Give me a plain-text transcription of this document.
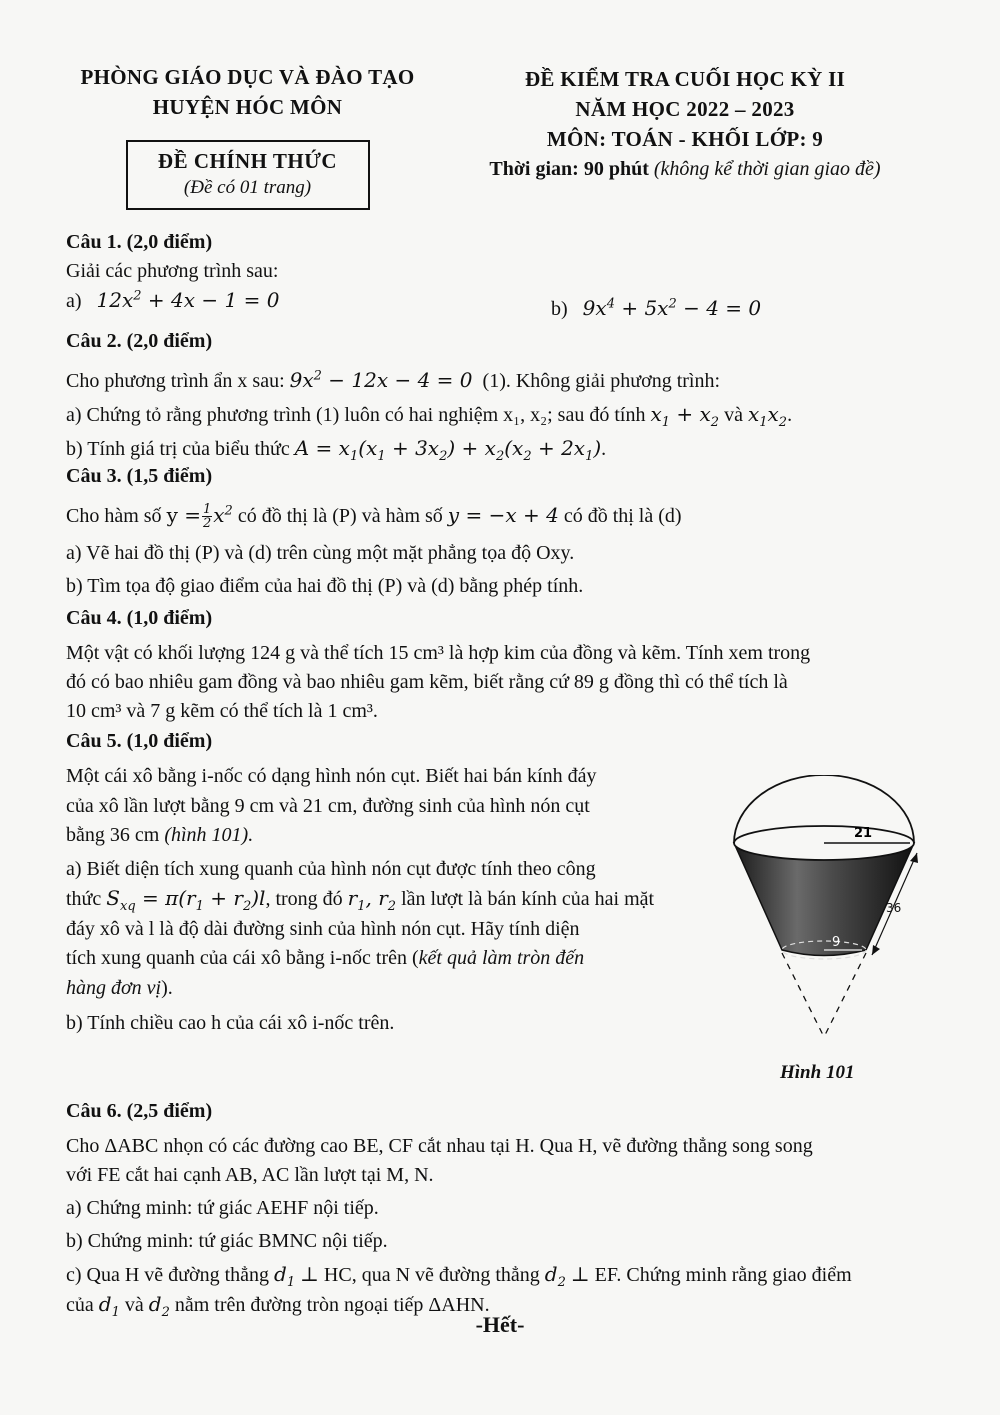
PHÒNG GIÁO DỤC VÀ ĐÀO TẠO
HUYỆN HÓC MÔN
ĐỀ CHÍNH THỨC
(Đề có 01 trang)
ĐỀ KIỂM TRA CUỐI HỌC KỲ II
NĂM HỌC 2022 – 2023
MÔN: TOÁN - KHỐI LỚP: 9
Thời gian: 90 phút (không kể thời gian giao đề)
Câu 1. (2,0 điểm)
Giải các phương trình sau:
a) $12x^2 + 4x - 1 = 0$	b) $9x^4 + 5x^2 - 4 = 0$
Câu 2. (2,0 điểm)
Cho phương trình ẩn x sau: $9x^2 - 12x - 4 = 0$ (1). Không giải phương trình:
a) Chứng tỏ rằng phương trình (1) luôn có hai nghiệm x₁, x₂; sau đó tính $x_1 + x_2$ và $x_1x_2$.
b) Tính giá trị của biểu thức $A = x_1(x_1 + 3x_2) + x_2(x_2 + 2x_1)$.
Câu 3. (1,5 điểm)
Cho hàm số $y = \frac{1}{2} x^2$ có đồ thị là (P) và hàm số y = −x + 4 có đồ thị là (d)
a) Vẽ hai đồ thị (P) và (d) trên cùng một mặt phẳng tọa độ Oxy.
b) Tìm tọa độ giao điểm của hai đồ thị (P) và (d) bằng phép tính.
Câu 4. (1,0 điểm)
Một vật có khối lượng 124 g và thể tích 15 cm³ là hợp kim của đồng và kẽm. Tính xem trong
đó có bao nhiêu gam đồng và bao nhiêu gam kẽm, biết rằng cứ 89 g đồng thì có thể tích là
10 cm³ và 7 g kẽm có thể tích là 1 cm³.
Câu 5. (1,0 điểm)
Một cái xô bằng i-nốc có dạng hình nón cụt. Biết hai bán kính đáy
của xô lần lượt bằng 9 cm và 21 cm, đường sinh của hình nón cụt
bằng 36 cm (hình 101).
a) Biết diện tích xung quanh của hình nón cụt được tính theo công
thức $S_{xq} = \pi(r_1 + r_2)l$, trong đó $r_1$, $r_2$ lần lượt là bán kính của hai mặt
đáy xô và l là độ dài đường sinh của hình nón cụt. Hãy tính diện
tích xung quanh của cái xô bằng i-nốc trên (kết quả làm tròn đến
hàng đơn vị).
b) Tính chiều cao h của cái xô i-nốc trên.
21
9
36
Hình 101
Câu 6. (2,5 điểm)
Cho ΔABC nhọn có các đường cao BE, CF cắt nhau tại H. Qua H, vẽ đường thẳng song song
với FE cắt hai cạnh AB, AC lần lượt tại M, N.
a) Chứng minh: tứ giác AEHF nội tiếp.
b) Chứng minh: tứ giác BMNC nội tiếp.
c) Qua H vẽ đường thẳng $d_1$ ⊥ HC, qua N vẽ đường thẳng $d_2$ ⊥ EF. Chứng minh rằng giao điểm
của $d_1$ và $d_2$ nằm trên đường tròn ngoại tiếp ΔAHN.
-Hết-
